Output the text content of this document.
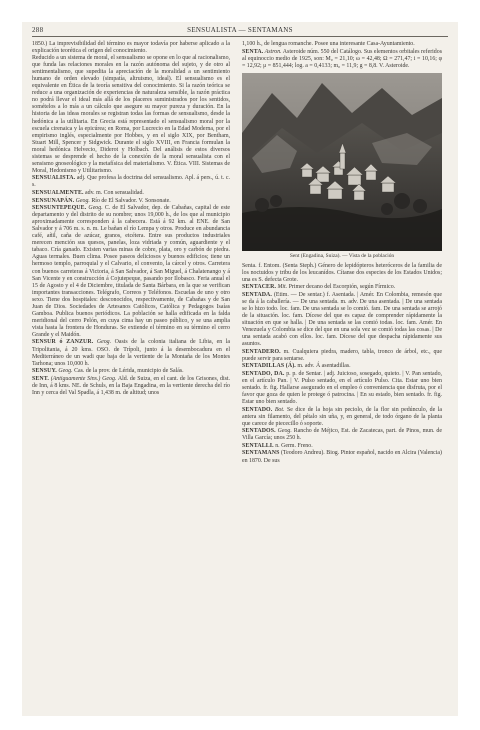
288	SENSUALISTA — SENTAMANS
1850.) La imprevisibilidad del término es mayor todavía por haberse aplicado a la explicación teorética el origen del conocimiento.
Reducido a un sistema de moral, el sensualismo se opone en lo que al racionalismo, que funda las relaciones morales en la razón autónoma del sujeto, y de otro al sentimentalismo, que supedita la apreciación de la moralidad a un sentimiento humano de orden elevado (simpatía, altruismo, ideal). El sensualismo es el equivalente en Ética de la teoría sensitiva del conocimiento. Si la razón teórica se reduce a una organización de experiencias de naturaleza sensible, la razón práctica no podrá llevar el ideal más allá de los placeres suministrados por los sentidos, somételos a lo más a un cálculo que asegure su mayor pureza y duración. En la historia de las ideas morales se registran todas las formas de sensualismo, desde la hedónica a la utilitaria. En Grecia está representado el sensualismo moral por la escuela cirenaica y la epicúrea; en Roma, por Lucrecio en la Edad Moderna, por el empirismo inglés, especialmente por Hobbes, y en el siglo XIX, por Bentham, Stuart Mill, Spencer y Sidgwick. Durante el siglo XVIII, en Francia formulan la moral hedónica Helvecio, Diderot y Holbach. Del análisis de estos diversos sistemas se desprende el hecho de la conexión de la moral sensualista con el sensismo gnoseológico y la metafísica del materialismo. V. Ética. VIII. Sistemas de Moral, Hedonismo y Utilitarismo.
SENSUALISTA. adj. Que profesa la doctrina del sensualismo. Apl. á pers., ú. t. c. s.
SENSUALMENTE. adv. m. Con sensualidad.
SENSUNAPÁN. Geog. Río de El Salvador. V. Sonsonate.
SENSUNTEPEQUE. Geog. C. de El Salvador, dep. de Cabañas, capital de este departamento y del distrito de su nombre; unos 19,000 h., de los que al municipio aproximadamente corresponden á la cabecera. Está á 92 km. al ENE. de San Salvador y á 706 m. s. n. m. Le bañan el río Lempa y otros. Produce en abundancia café, añil, caña de azúcar, granos, etcétera. Entre sus productos industriales merecen mención sus quesos, panelas, loza vidriada y común, aguardiente y el tabaco. Cría ganado. Existen varias minas de cobre, plata, oro y carbón de piedra. Aguas termales. Buen clima. Posee paseos deliciosos y buenos edificios; tiene un hermoso templo, parroquial y el Calvario, el convento, la cárcel y otros. Carretera con buenos carreteras á Victoria, á San Salvador, á San Miguel, á Chalatenango y á San Vicente y en construcción á Cojutepeque, pasando por Ilobasco. Feria anual el 15 de Agosto y el 4 de Diciembre, titulada de Santa Bárbara, en la que se verifican importantes transacciones. Telégrafo, Correos y Teléfonos. Escuelas de uno y otro sexo. Tiene dos hospitales: desconocidos, respectivamente, de Cabañas y de San Juan de Dios. Sociedades de Artesanos Católicos, Católica y Pedagogos Isaías Gamboa. Publica buenos periódicos. La población se halla edificada en la falda meridional del cerro Pelón, en cuya cima hay un paseo público, y se una amplia vista hasta la frontera de Honduras. Se extiende el término en su término el cerro Grande y el Maidón.
SENSUR ó ZANZUR. Geog. Oasis de la colonia italiana de Libia, en la Tripolitania, á 20 kms. OSO. de Trípoli, junto á la desembocadura en el Mediterráneo de un wadi que baja de la vertiente de la Montaña de los Montes Tarhona; unos 10,000 h.
SENSUY. Geog. Cas. de la prov. de Lérida, municipio de Salás.
SENT. (Antiguamente Sins.) Geog. Ald. de Suiza, en el cant. de los Grisones, dist. de Inn, á 8 kms. NE. de Schuls, en la Baja Engadina, en la vertiente derecha del río Inn y cerca del Val Spadla, á 1,438 m. de altitud; unos
1,100 h., de lengua romanche. Posee una interesante Casa-Ayuntamiento.
SENTA. Astron. Asteroide núm. 550 del Catálogo. Sus elementos orbitales referidos al equinoccio medio de 1925, son: M₀ = 21,10; ω = 42,48; Ω = 271,47; i = 10,16; φ = 12,92; μ = 851,444; log. a = 0,4133; m₀ = 11,9; g = 8,8. V. Asteroide.
Sent (Engadina, Suiza). — Vista de la población
Senta. f. Entom. (Senta Steph.) Género de lepidópteros heteróceros de la familia de los noctuidos y tribu de los leucanídos. Cítanse dos especies de los Estados Unidos; una es S. defecta Grote.
SENTACER. Mit. Primer decano del Escorpión, según Fírmico.
SENTADA. (Etim. — De sentar.) f. Asentada. | Amér. En Colombia, remesón que se da á la caballería. — De una sentada. m. adv. De una asentada. | De una sentada se lo hizo todo. loc. fam. De una sentada se lo comió. fam. De una sentada se arrojó de la situación. loc. fam. Dícese del que es capaz de comprender rápidamente la situación en que se halla. | De una sentada se las comió todas. loc. fam. Amér. En Venezuela y Colombia se dice del que en una sola vez se comió todas las cosas. | De una sentada acabó con ellos. loc. fam. Dícese del que despacha rápidamente sus asuntos.
SENTADERO. m. Cualquiera piedra, madero, tabla, tronco de árbol, etc., que puede servir para sentarse.
SENTADILLAS (Á). m. adv. Á asentadillas.
SENTADO, DA. p. p. de Sentar. | adj. Juicioso, sosegado, quieto. | V. Pan sentado, en el artículo Pan. | V. Pulso sentado, en el artículo Pulso. Cita. Estar uno bien sentado. fr. fig. Hallarse asegurado en el empleo ó conveniencia que disfruta, por el favor que goza de quien le protege ó patrocina. | En su estado, bien sentado. fr. fig. Estar uno bien sentado.
SENTADO. Bot. Se dice de la hoja sin peciolo, de la flor sin pedúnculo, de la antera sin filamento, del pétalo sin uña, y, en general, de todo órgano de la planta que carece de piececillo ó soporte.
SENTADOS. Geog. Rancho de Méjico, Est. de Zacatecas, part. de Pinos, mun. de Villa García; unos 250 h.
SENTALLI. n. Germ. Freno.
SENTAMANS (Teodoro Andreu). Biog. Pintor español, nacido en Alcira (Valencia) en 1870. De sus
